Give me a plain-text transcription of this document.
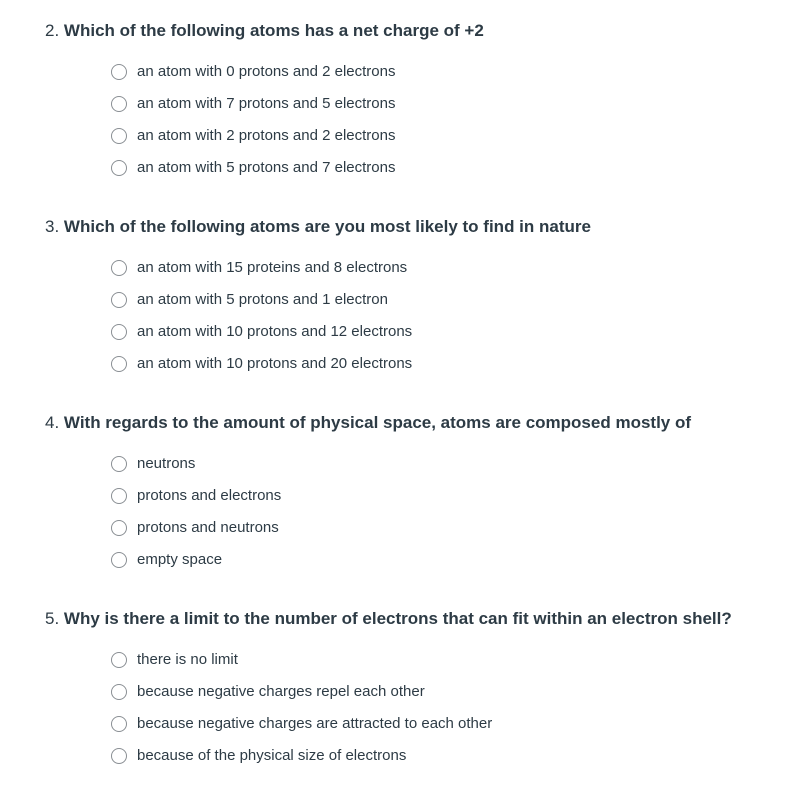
2. Which of the following atoms has a net charge of +2
an atom with 0 protons and 2 electrons
an atom with 7 protons and 5 electrons
an atom with 2 protons and 2 electrons
an atom with 5 protons and 7 electrons
3. Which of the following atoms are you most likely to find in nature
an atom with 15 proteins and 8 electrons
an atom with 5 protons and 1 electron
an atom with 10 protons and 12 electrons
an atom with 10 protons and 20 electrons
4. With regards to the amount of physical space, atoms are composed mostly of
neutrons
protons and electrons
protons and neutrons
empty space
5. Why is there a limit to the number of electrons that can fit within an electron shell?
there is no limit
because negative charges repel each other
because negative charges are attracted to each other
because of the physical size of electrons
